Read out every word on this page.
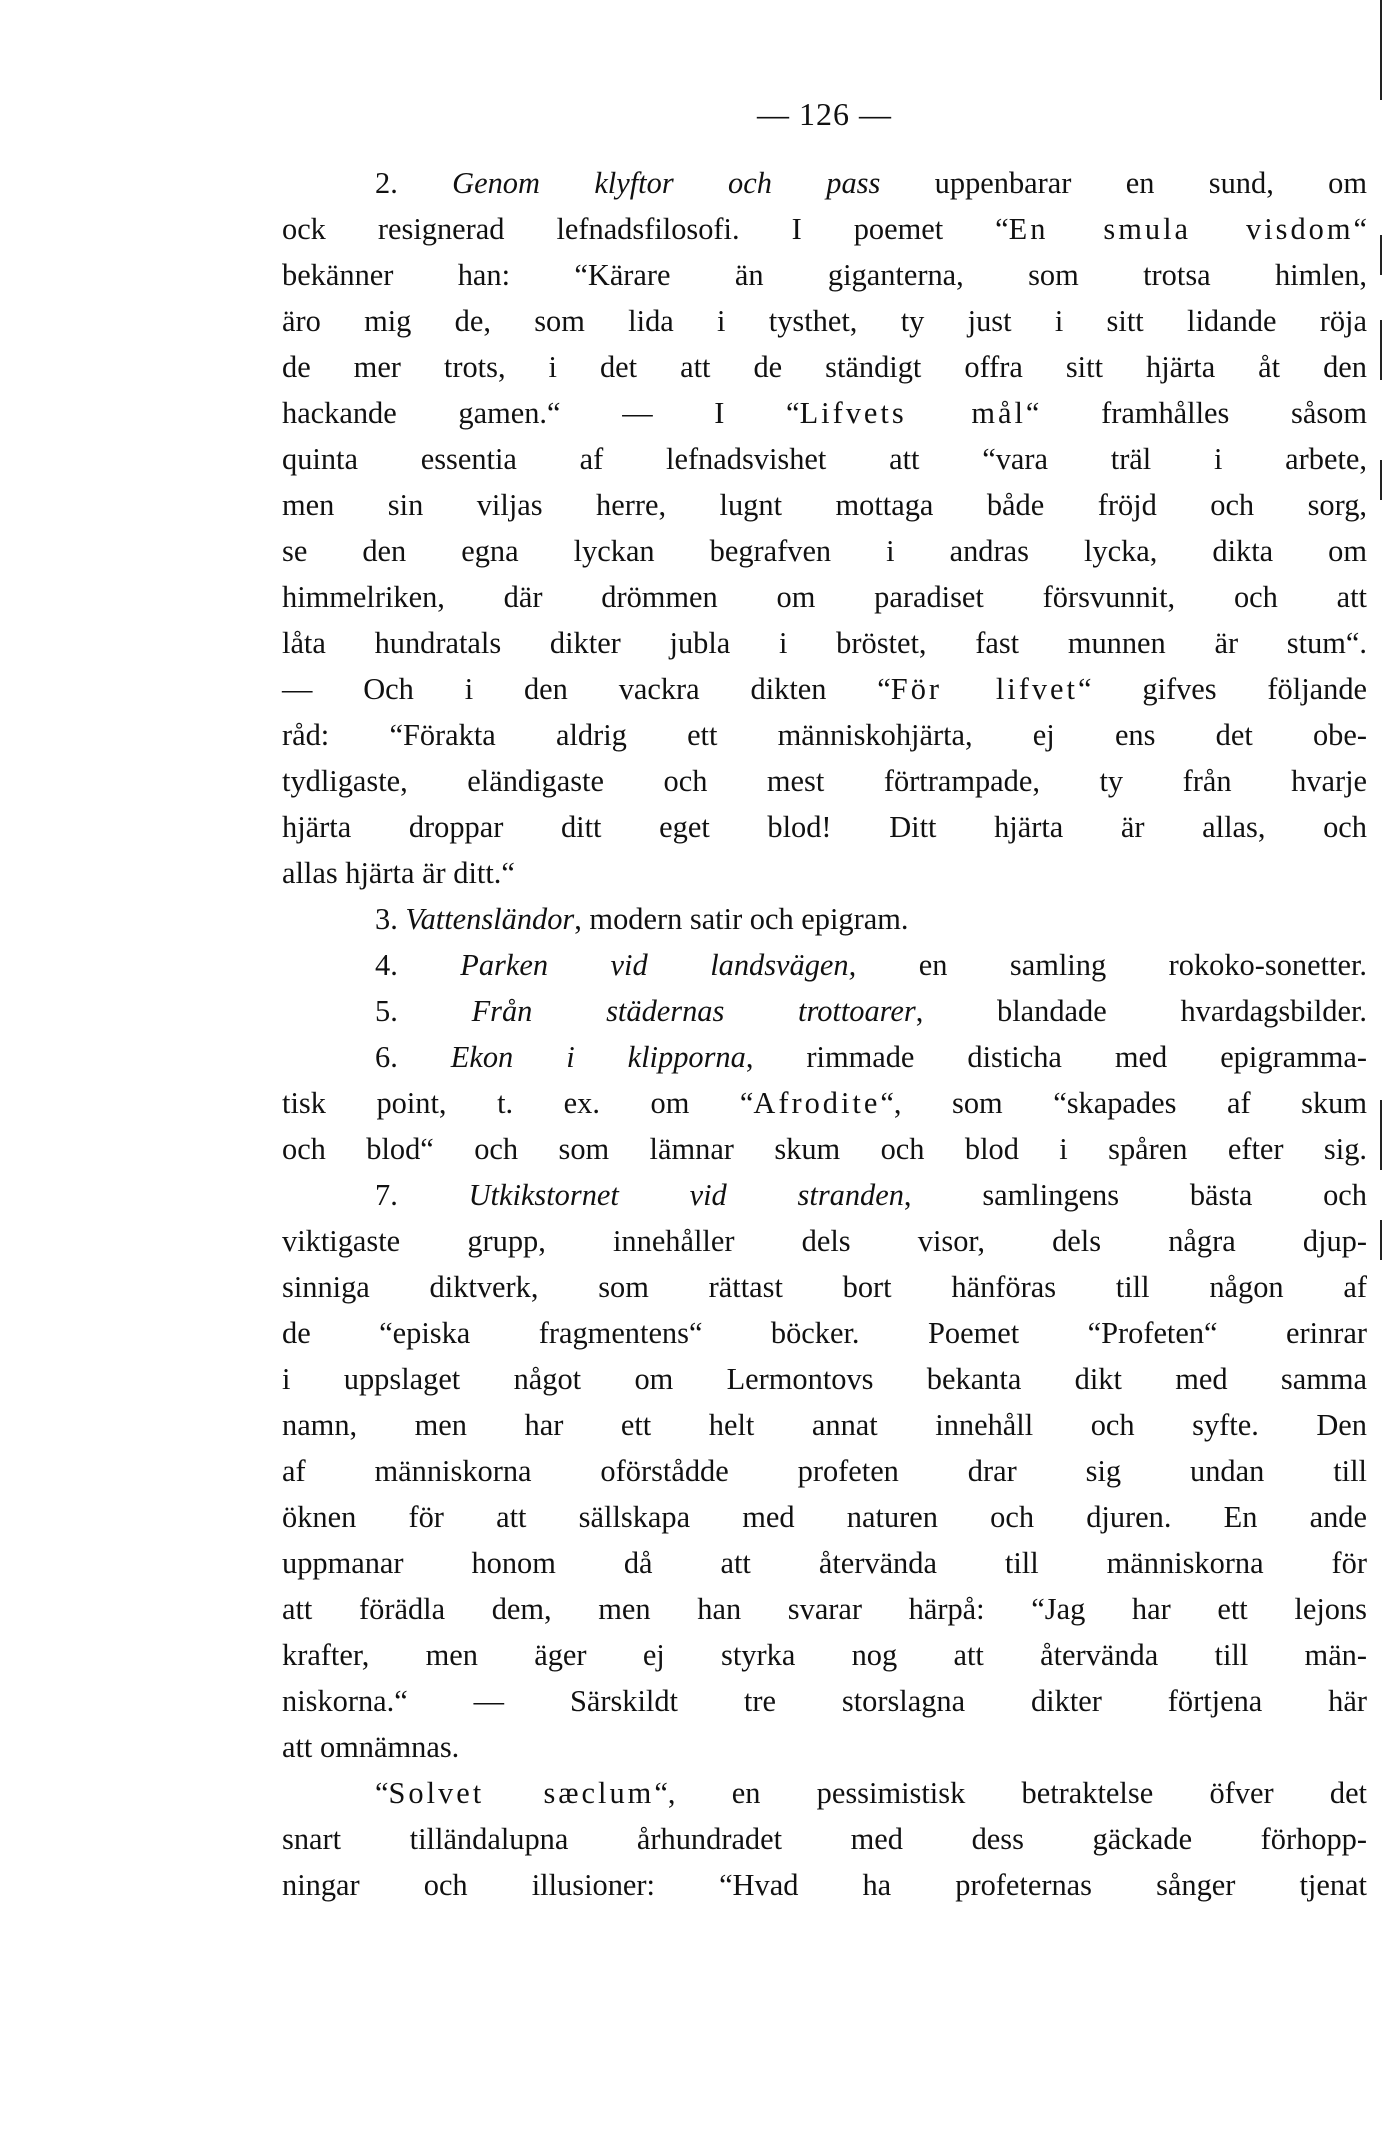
— 126 —
2. Genom klyftor och pass uppenbarar en sund, om
ock resignerad lefnadsfilosofi. I poemet “En smula visdom“
bekänner han: “Kärare än giganterna, som trotsa himlen,
äro mig de, som lida i tysthet, ty just i sitt lidande röja
de mer trots, i det att de ständigt offra sitt hjärta åt den
hackande gamen.“ — I “Lifvets mål“ framhålles såsom
quinta essentia af lefnadsvishet att “vara träl i arbete,
men sin viljas herre, lugnt mottaga både fröjd och sorg,
se den egna lyckan begrafven i andras lycka, dikta om
himmelriken, där drömmen om paradiset försvunnit, och att
låta hundratals dikter jubla i bröstet, fast munnen är stum“.
— Och i den vackra dikten “För lifvet“ gifves följande
råd: “Förakta aldrig ett människohjärta, ej ens det obe-
tydligaste, eländigaste och mest förtrampade, ty från hvarje
hjärta droppar ditt eget blod! Ditt hjärta är allas, och
allas hjärta är ditt.“
3. Vattensländor, modern satir och epigram.
4. Parken vid landsvägen, en samling rokoko-sonetter.
5. Från städernas trottoarer, blandade hvardagsbilder.
6. Ekon i klipporna, rimmade disticha med epigramma-
tisk point, t. ex. om “Afrodite“, som “skapades af skum
och blod“ och som lämnar skum och blod i spåren efter sig.
7. Utkikstornet vid stranden, samlingens bästa och
viktigaste grupp, innehåller dels visor, dels några djup-
sinniga diktverk, som rättast bort hänföras till någon af
de “episka fragmentens“ böcker. Poemet “Profeten“ erinrar
i uppslaget något om Lermontovs bekanta dikt med samma
namn, men har ett helt annat innehåll och syfte. Den
af människorna oförstådde profeten drar sig undan till
öknen för att sällskapa med naturen och djuren. En ande
uppmanar honom då att återvända till människorna för
att förädla dem, men han svarar härpå: “Jag har ett lejons
krafter, men äger ej styrka nog att återvända till män-
niskorna.“ — Särskildt tre storslagna dikter förtjena här
att omnämnas.
“Solvet sæclum“, en pessimistisk betraktelse öfver det
snart tilländalupna århundradet med dess gäckade förhopp-
ningar och illusioner: “Hvad ha profeternas sånger tjenat
